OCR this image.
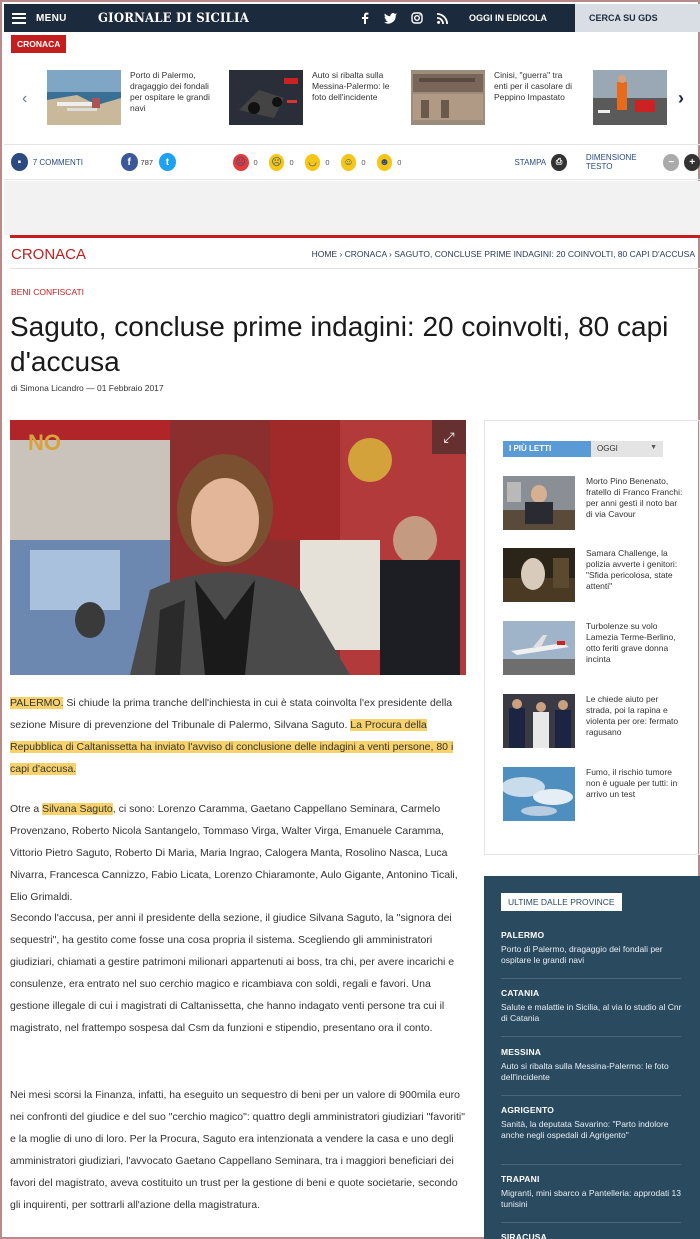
MENU GIORNALE DI SICILIA	OGGI IN EDICOLA	CERCA SU GDS
CRONACA
‹
Porto di Palermo, dragaggio dei fondali per ospitare le grandi navi
Auto si ribalta sulla Messina-Palermo: le foto dell'incidente
Cinisi, "guerra" tra enti per il casolare di Peppino Impastato	›
▪	7 COMMENTI	f	787	t	☹	0 ☹	0	◡	0 ☺	0 ☻	0	STAMPA	⎙	DIMENSIONE TESTO	−	+
CRONACA	HOME › CRONACA › SAGUTO, CONCLUSE PRIME INDAGINI: 20 COINVOLTI, 80 CAPI D'ACCUSA
BENI CONFISCATI
Saguto, concluse prime indagini: 20 coinvolti, 80 capi d'accusa
di Simona Licandro — 01 Febbraio 2017
NO	⤢
PALERMO. Si chiude la prima tranche dell'inchiesta in cui è stata coinvolta l'ex presidente della sezione Misure di prevenzione del Tribunale di Palermo, Silvana Saguto. La Procura della Repubblica di Caltanissetta ha inviato l'avviso di conclusione delle indagini a venti persone, 80 i capi d'accusa.
Otre a Silvana Saguto, ci sono: Lorenzo Caramma, Gaetano Cappellano Seminara, Carmelo Provenzano, Roberto Nicola Santangelo, Tommaso Virga, Walter Virga, Emanuele Caramma, Vittorio Pietro Saguto, Roberto Di Maria, Maria Ingrao, Calogera Manta, Rosolino Nasca, Luca Nivarra, Francesca Cannizzo, Fabio Licata, Lorenzo Chiaramonte, Aulo Gigante, Antonino Ticali, Elio Grimaldi.
Secondo l'accusa, per anni il presidente della sezione, il giudice Silvana Saguto, la "signora dei sequestri", ha gestito come fosse una cosa propria il sistema. Scegliendo gli amministratori giudiziari, chiamati a gestire patrimoni milionari appartenuti ai boss, tra chi, per avere incarichi e consulenze, era entrato nel suo cerchio magico e ricambiava con soldi, regali e favori. Una gestione illegale di cui i magistrati di Caltanissetta, che hanno indagato venti persone tra cui il magistrato, nel frattempo sospesa dal Csm da funzioni e stipendio, presentano ora il conto.
Nei mesi scorsi la Finanza, infatti, ha eseguito un sequestro di beni per un valore di 900mila euro nei confronti del giudice e del suo "cerchio magico": quattro degli amministratori giudiziari "favoriti" e la moglie di uno di loro. Per la Procura, Saguto era intenzionata a vendere la casa e uno degli amministratori giudiziari, l'avvocato Gaetano Cappellano Seminara, tra i maggiori beneficiari dei favori del magistrato, aveva costituito un trust per la gestione di beni e quote societarie, secondo gli inquirenti, per sottrarli all'azione della magistratura.
I PIÙ LETTI	OGGI	▼
Morto Pino Benenato, fratello di Franco Franchi: per anni gestì il noto bar di via Cavour
Samara Challenge, la polizia avverte i genitori: "Sfida pericolosa, state attenti"
Turbolenze su volo Lamezia Terme-Berlino, otto feriti grave donna incinta
Le chiede aiuto per strada, poi la rapina e violenta per ore: fermato ragusano
Fumo, il rischio tumore non è uguale per tutti: in arrivo un test
ULTIME DALLE PROVINCE
PALERMO
Porto di Palermo, dragaggio dei fondali per ospitare le grandi navi
CATANIA
Salute e malattie in Sicilia, al via lo studio al Cnr di Catania
MESSINA
Auto si ribalta sulla Messina-Palermo: le foto dell'incidente
AGRIGENTO
Sanità, la deputata Savarino: "Parto indolore anche negli ospedali di Agrigento"
TRAPANI
Migranti, mini sbarco a Pantelleria: approdati 13 tunisini
SIRACUSA
